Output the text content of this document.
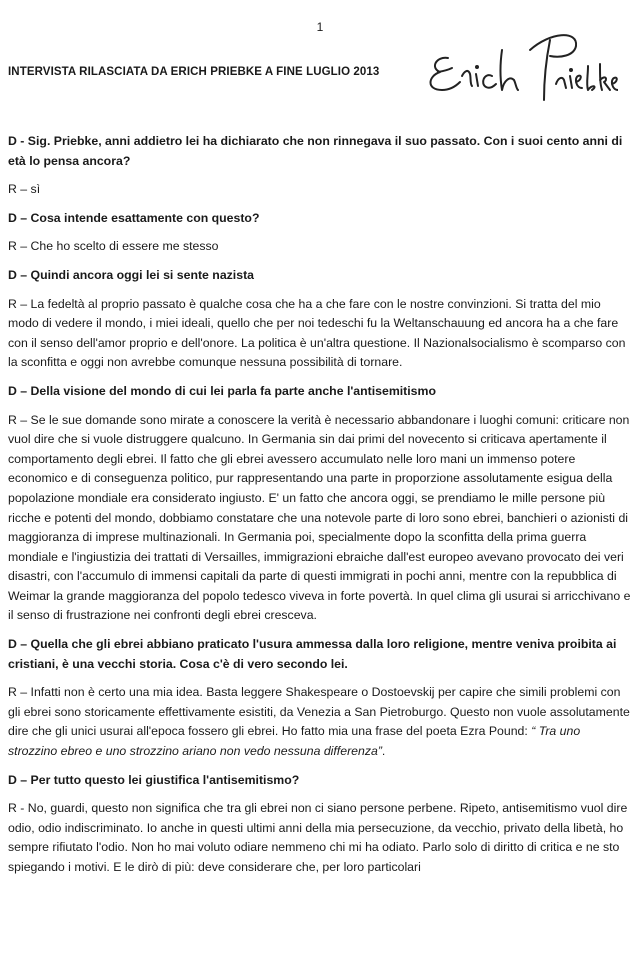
1
INTERVISTA RILASCIATA DA ERICH PRIEBKE A FINE LUGLIO 2013

D - Sig. Priebke, anni addietro lei ha dichiarato che non rinnegava il suo passato. Con i suoi cento anni di età lo pensa ancora?

R – sì

D – Cosa intende esattamente con questo?

R – Che ho scelto di essere me stesso

D – Quindi ancora oggi lei si sente nazista

R – La fedeltà al proprio passato è qualche cosa che ha a che fare con le nostre convinzioni. Si tratta del mio modo di vedere il mondo, i miei ideali, quello che per noi tedeschi fu la Weltanschauung ed ancora ha a che fare con il senso dell'amor proprio e dell'onore. La politica è un'altra questione. Il Nazionalsocialismo è scomparso con la sconfitta e oggi non avrebbe comunque nessuna possibilità di tornare.

D – Della visione del mondo di cui lei parla fa parte anche l'antisemitismo

R – Se le sue domande sono mirate a conoscere la verità è necessario abbandonare i luoghi comuni: criticare non vuol dire che si vuole distruggere qualcuno. In Germania sin dai primi del novecento si criticava apertamente il comportamento degli ebrei. Il fatto che gli ebrei avessero accumulato nelle loro mani un immenso potere economico e di conseguenza politico, pur rappresentando una parte in proporzione assolutamente esigua della popolazione mondiale era considerato ingiusto. E' un fatto che ancora oggi, se prendiamo le mille persone più ricche e potenti del mondo, dobbiamo constatare che una notevole parte di loro sono ebrei, banchieri o azionisti di maggioranza di imprese multinazionali. In Germania poi, specialmente dopo la sconfitta della prima guerra mondiale e l'ingiustizia dei trattati di Versailles, immigrazioni ebraiche dall'est europeo avevano provocato dei veri disastri, con l'accumulo di immensi capitali da parte di questi immigrati in pochi anni, mentre con la repubblica di Weimar la grande maggioranza del popolo tedesco viveva in forte povertà. In quel clima gli usurai si arricchivano e il senso di frustrazione nei confronti degli ebrei cresceva.

D – Quella che gli ebrei abbiano praticato l'usura ammessa dalla loro religione, mentre veniva proibita ai cristiani, è una vecchi storia. Cosa c'è di vero secondo lei.

R – Infatti non è certo una mia idea. Basta leggere Shakespeare o Dostoevskij per capire che simili problemi con gli ebrei sono storicamente effettivamente esistiti, da Venezia a San Pietroburgo. Questo non vuole assolutamente dire che gli unici usurai all'epoca fossero gli ebrei. Ho fatto mia una frase del poeta Ezra Pound: “ Tra uno strozzino ebreo e uno strozzino ariano non vedo nessuna differenza”.

D – Per tutto questo lei giustifica l'antisemitismo?

R - No, guardi, questo non significa che tra gli ebrei non ci siano persone perbene. Ripeto, antisemitismo vuol dire odio, odio indiscriminato. Io anche in questi ultimi anni della mia persecuzione, da vecchio, privato della libetà, ho sempre rifiutato l'odio. Non ho mai voluto odiare nemmeno chi mi ha odiato. Parlo solo di diritto di critica e ne sto spiegando i motivi. E le dirò di più: deve considerare che, per loro particolari
